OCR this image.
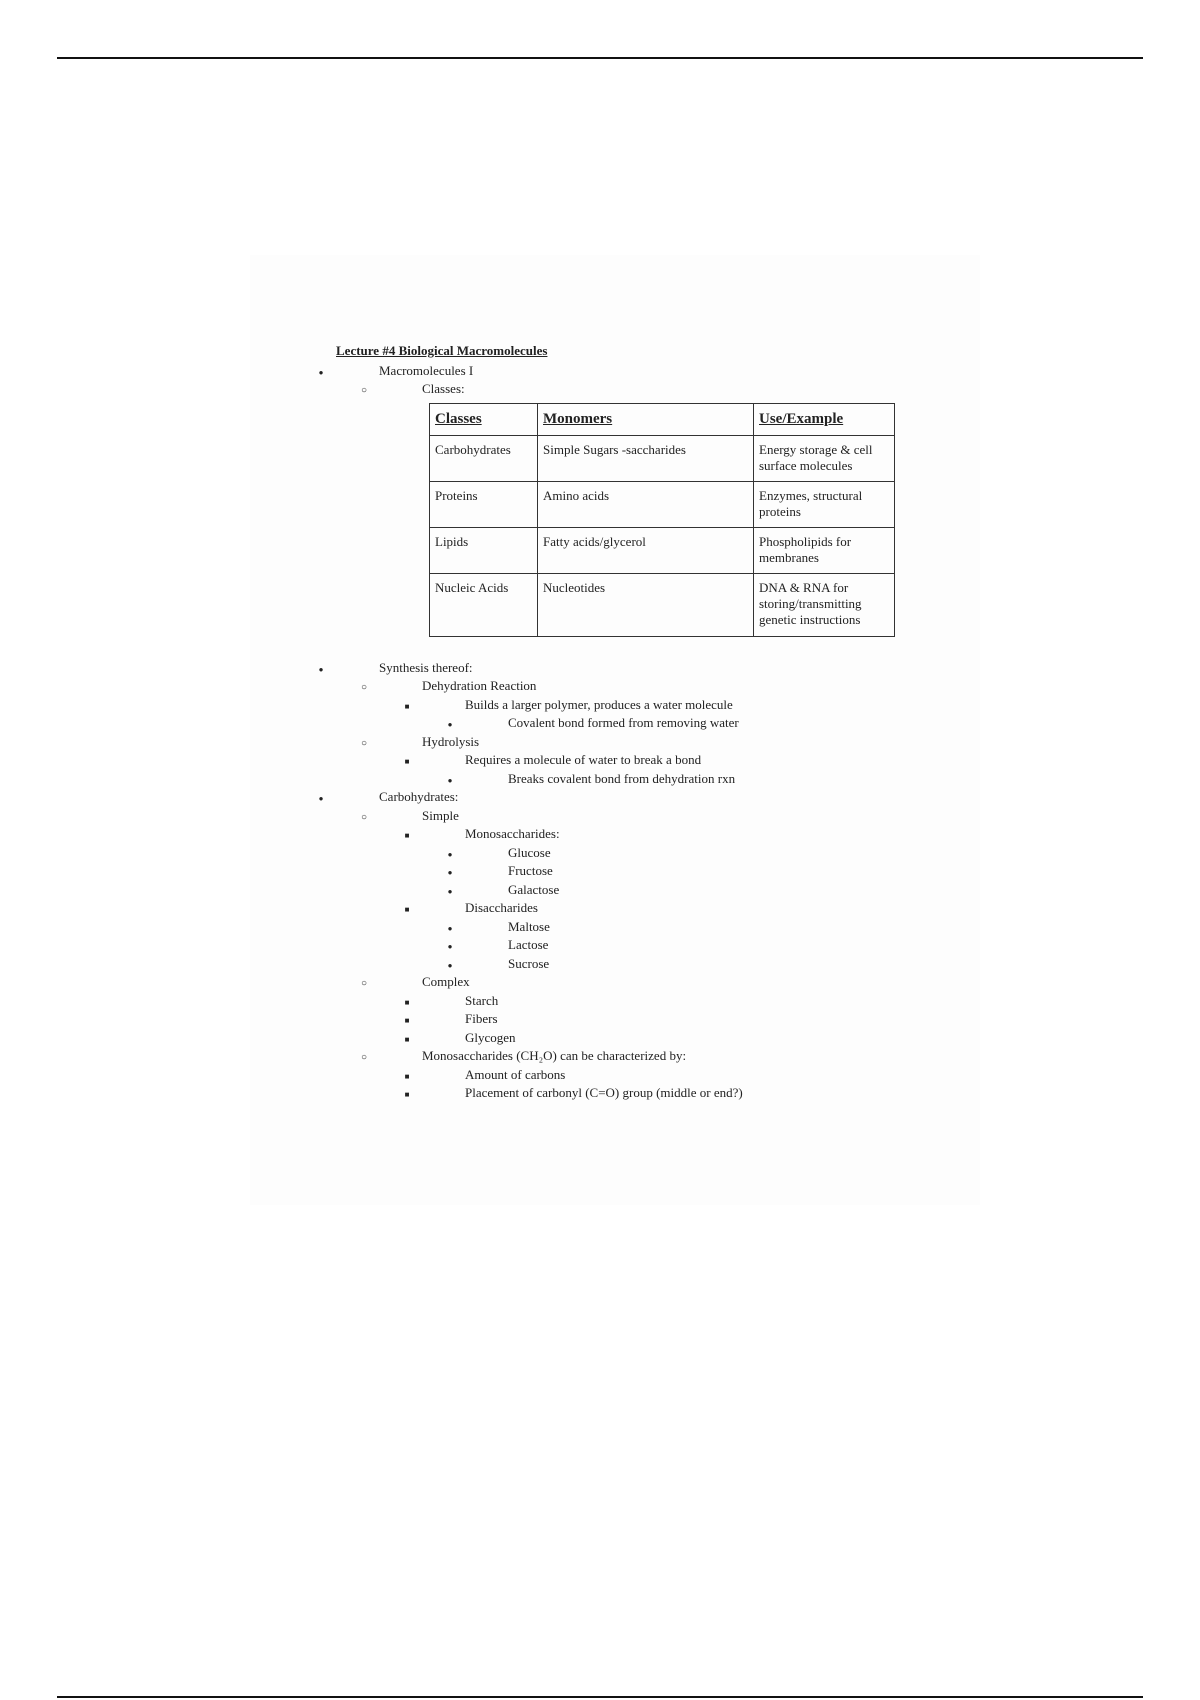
Lecture #4 Biological Macromolecules
●
Macromolecules I
○
Classes:
Classes	Monomers	Use/Example
Carbohydrates	Simple Sugars -saccharides	Energy storage & cell surface molecules
Proteins	Amino acids	Enzymes, structural proteins
Lipids	Fatty acids/glycerol	Phospholipids for membranes
Nucleic Acids	Nucleotides	DNA & RNA for storing/transmitting genetic instructions
●
Synthesis thereof:
○
Dehydration Reaction
■
Builds a larger polymer, produces a water molecule
●
Covalent bond formed from removing water
○
Hydrolysis
■
Requires a molecule of water to break a bond
●
Breaks covalent bond from dehydration rxn
●
Carbohydrates:
○
Simple
■
Monosaccharides:
●
Glucose
●
Fructose
●
Galactose
■
Disaccharides
●
Maltose
●
Lactose
●
Sucrose
○
Complex
■
Starch
■
Fibers
■
Glycogen
○
Monosaccharides (CH₂O) can be characterized by:
■
Amount of carbons
■
Placement of carbonyl (C=O) group (middle or end?)
